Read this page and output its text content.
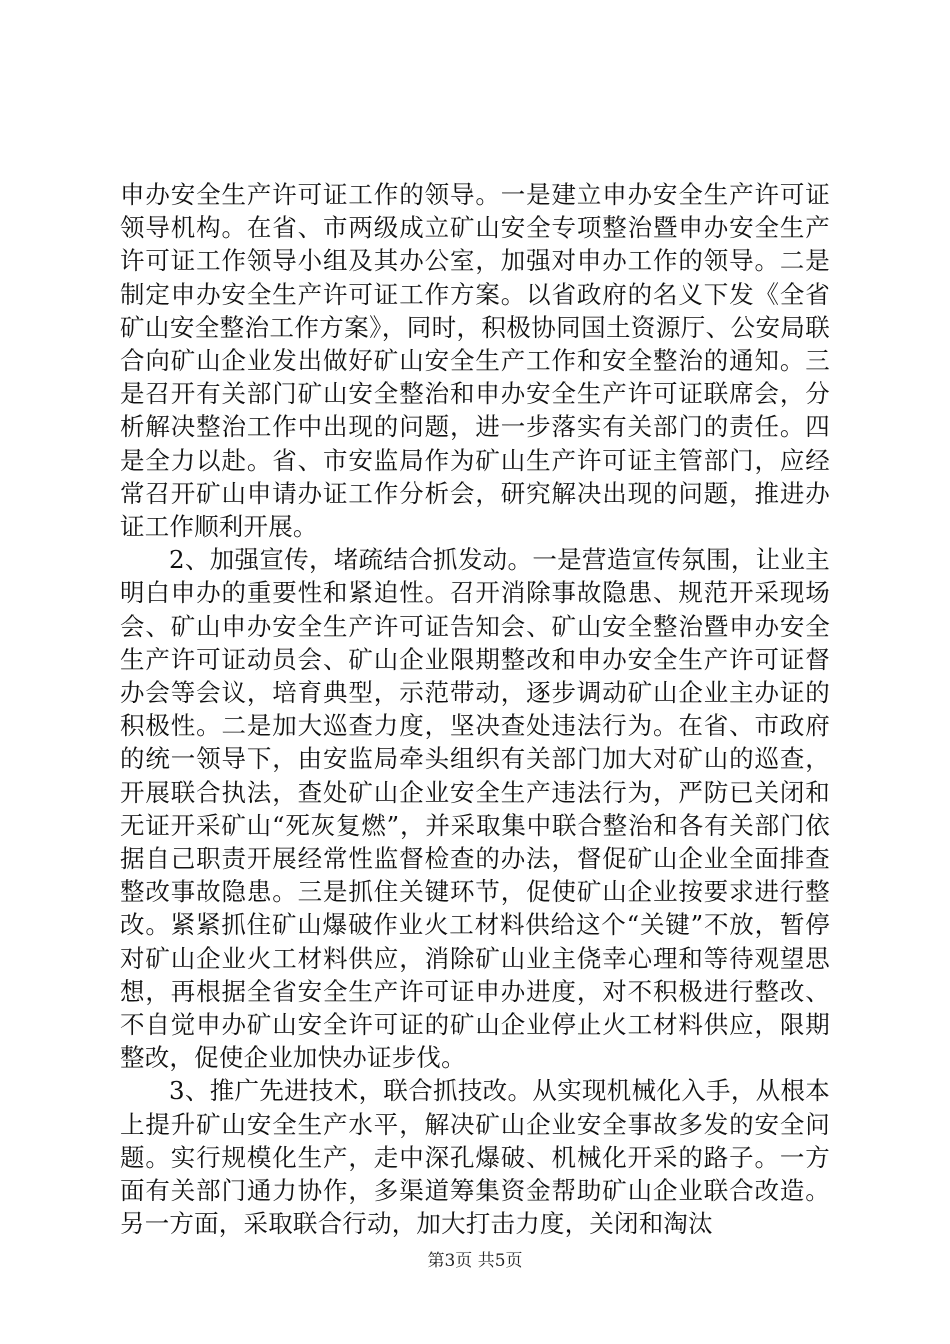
申办安全生产许可证工作的领导。一是建立申办安全生产许可证领导机构。在省、市两级成立矿山安全专项整治暨申办安全生产许可证工作领导小组及其办公室，加强对申办工作的领导。二是制定申办安全生产许可证工作方案。以省政府的名义下发《全省矿山安全整治工作方案》，同时，积极协同国土资源厅、公安局联合向矿山企业发出做好矿山安全生产工作和安全整治的通知。三是召开有关部门矿山安全整治和申办安全生产许可证联席会，分析解决整治工作中出现的问题，进一步落实有关部门的责任。四是全力以赴。省、市安监局作为矿山生产许可证主管部门，应经常召开矿山申请办证工作分析会，研究解决出现的问题，推进办证工作顺利开展。

2、加强宣传，堵疏结合抓发动。一是营造宣传氛围，让业主明白申办的重要性和紧迫性。召开消除事故隐患、规范开采现场会、矿山申办安全生产许可证告知会、矿山安全整治暨申办安全生产许可证动员会、矿山企业限期整改和申办安全生产许可证督办会等会议，培育典型，示范带动，逐步调动矿山企业主办证的积极性。二是加大巡查力度，坚决查处违法行为。在省、市政府的统一领导下，由安监局牵头组织有关部门加大对矿山的巡查，开展联合执法，查处矿山企业安全生产违法行为，严防已关闭和无证开采矿山“死灰复燃”，并采取集中联合整治和各有关部门依据自己职责开展经常性监督检查的办法，督促矿山企业全面排查整改事故隐患。三是抓住关键环节，促使矿山企业按要求进行整改。紧紧抓住矿山爆破作业火工材料供给这个“关键”不放，暂停对矿山企业火工材料供应，消除矿山业主侥幸心理和等待观望思想，再根据全省安全生产许可证申办进度，对不积极进行整改、不自觉申办矿山安全许可证的矿山企业停止火工材料供应，限期整改，促使企业加快办证步伐。

3、推广先进技术，联合抓技改。从实现机械化入手，从根本上提升矿山安全生产水平，解决矿山企业安全事故多发的安全问题。实行规模化生产，走中深孔爆破、机械化开采的路子。一方面有关部门通力协作，多渠道筹集资金帮助矿山企业联合改造。另一方面，采取联合行动，加大打击力度，关闭和淘汰

第3页 共5页
